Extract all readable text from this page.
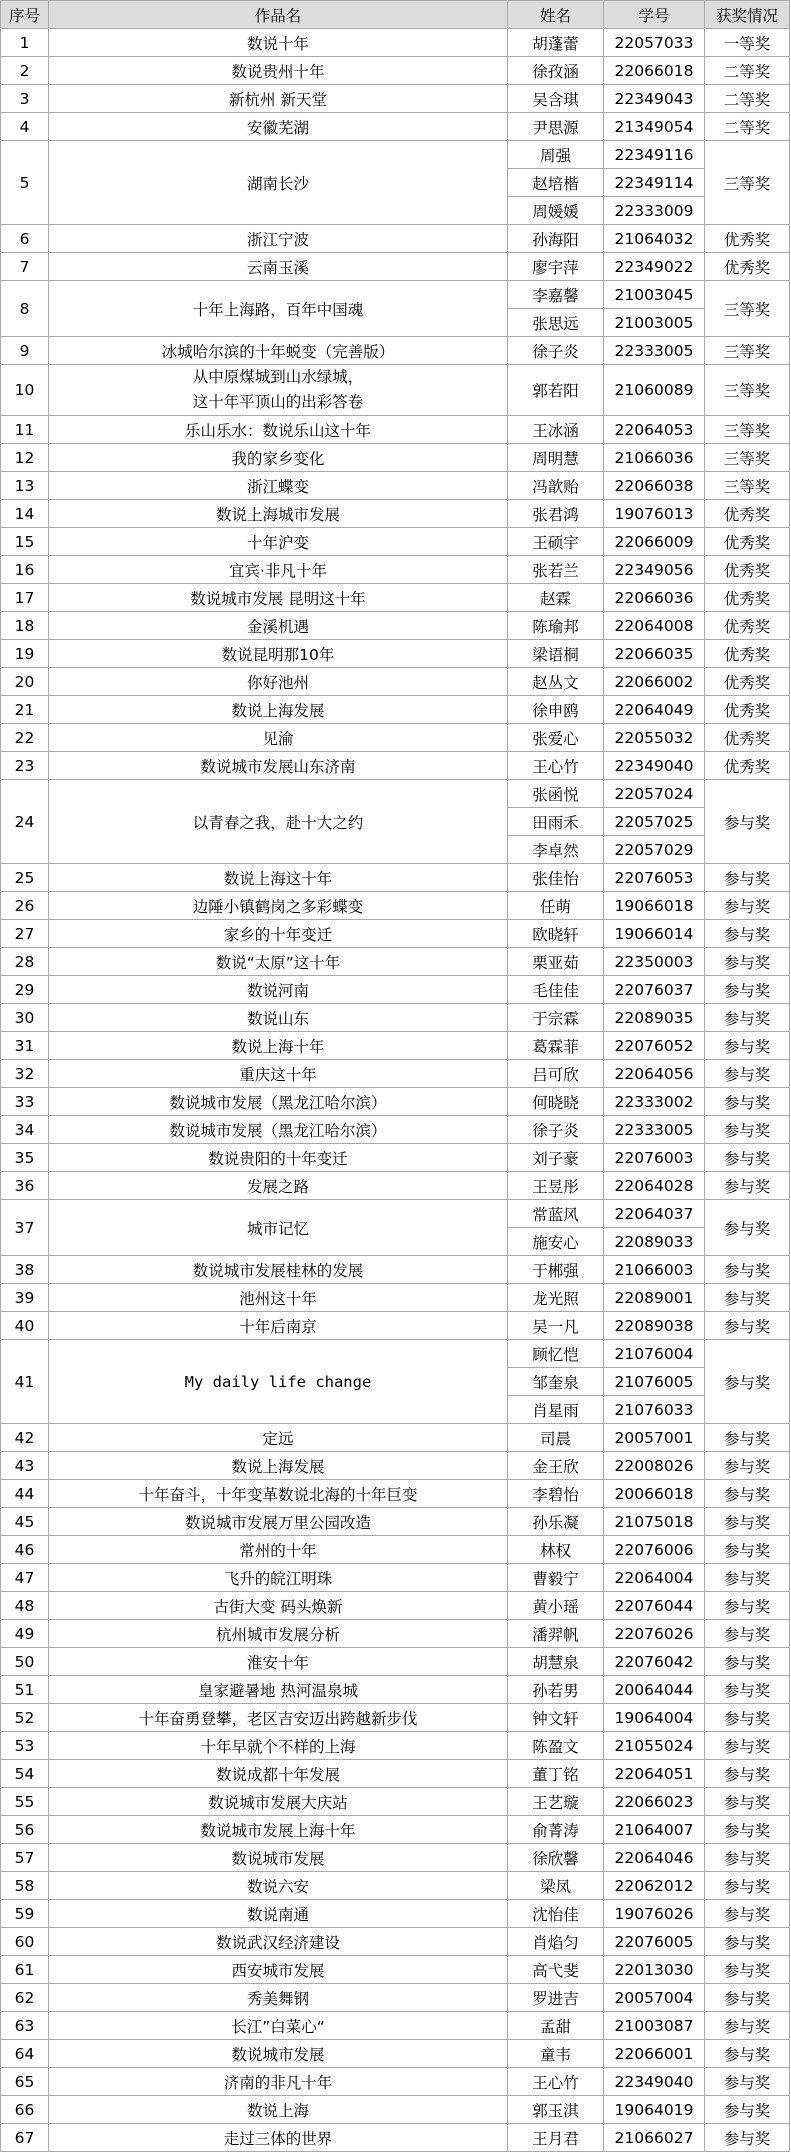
序号	作品名	姓名	学号	获奖情况
1	数说十年	胡蓬蕾	22057033	一等奖
2	数说贵州十年	徐孜涵	22066018	二等奖
3	新杭州 新天堂	吴含琪	22349043	二等奖
4	安徽芜湖	尹思源	21349054	二等奖
5	湖南长沙	周强	22349116	三等奖
		赵培楷	22349114	
		周媛媛	22333009	
6	浙江宁波	孙海阳	21064032	优秀奖
7	云南玉溪	廖宇萍	22349022	优秀奖
8	十年上海路，百年中国魂	李嘉馨	21003045	三等奖
		张思远	21003005	
9	冰城哈尔滨的十年蜕变（完善版）	徐子炎	22333005	三等奖
10	从中原煤城到山水绿城，
这十年平顶山的出彩答卷	郭若阳	21060089	三等奖
11	乐山乐水：数说乐山这十年	王冰涵	22064053	三等奖
12	我的家乡变化	周明慧	21066036	三等奖
13	浙江蝶变	冯歆贻	22066038	三等奖
14	数说上海城市发展	张君鸿	19076013	优秀奖
15	十年沪变	王硕宇	22066009	优秀奖
16	宜宾·非凡十年	张若兰	22349056	优秀奖
17	数说城市发展 昆明这十年	赵霖	22066036	优秀奖
18	金溪机遇	陈瑜邦	22064008	优秀奖
19	数说昆明那10年	梁语桐	22066035	优秀奖
20	你好池州	赵丛文	22066002	优秀奖
21	数说上海发展	徐申鸥	22064049	优秀奖
22	见渝	张爱心	22055032	优秀奖
23	数说城市发展山东济南	王心竹	22349040	优秀奖
24	以青春之我，赴十大之约	张函悦	22057024	参与奖
		田雨禾	22057025	
		李卓然	22057029	
25	数说上海这十年	张佳怡	22076053	参与奖
26	边陲小镇鹤岗之多彩蝶变	任萌	19066018	参与奖
27	家乡的十年变迁	欧晓轩	19066014	参与奖
28	数说“太原”这十年	栗亚茹	22350003	参与奖
29	数说河南	毛佳佳	22076037	参与奖
30	数说山东	于宗霖	22089035	参与奖
31	数说上海十年	葛霖菲	22076052	参与奖
32	重庆这十年	吕可欣	22064056	参与奖
33	数说城市发展（黑龙江哈尔滨）	何晓晓	22333002	参与奖
34	数说城市发展（黑龙江哈尔滨）	徐子炎	22333005	参与奖
35	数说贵阳的十年变迁	刘子豪	22076003	参与奖
36	发展之路	王昱彤	22064028	参与奖
37	城市记忆	常蓝风	22064037	参与奖
		施安心	22089033	
38	数说城市发展桂林的发展	于郴强	21066003	参与奖
39	池州这十年	龙光照	22089001	参与奖
40	十年后南京	吴一凡	22089038	参与奖
41	My daily life change	顾忆恺	21076004	参与奖
		邹奎泉	21076005	
		肖星雨	21076033	
42	定远	司晨	20057001	参与奖
43	数说上海发展	金王欣	22008026	参与奖
44	十年奋斗，十年变革数说北海的十年巨变	李碧怡	20066018	参与奖
45	数说城市发展万里公园改造	孙乐凝	21075018	参与奖
46	常州的十年	林权	22076006	参与奖
47	飞升的皖江明珠	曹毅宁	22064004	参与奖
48	古街大变 码头焕新	黄小瑶	22076044	参与奖
49	杭州城市发展分析	潘羿帆	22076026	参与奖
50	淮安十年	胡慧泉	22076042	参与奖
51	皇家避暑地 热河温泉城	孙若男	20064044	参与奖
52	十年奋勇登攀，老区吉安迈出跨越新步伐	钟文轩	19064004	参与奖
53	十年早就个不样的上海	陈盈文	21055024	参与奖
54	数说成都十年发展	董丁铭	22064051	参与奖
55	数说城市发展大庆站	王艺璇	22066023	参与奖
56	数说城市发展上海十年	俞菁涛	21064007	参与奖
57	数说城市发展	徐欣馨	22064046	参与奖
58	数说六安	梁凤	22062012	参与奖
59	数说南通	沈怡佳	19076026	参与奖
60	数说武汉经济建设	肖焰匀	22076005	参与奖
61	西安城市发展	高弋斐	22013030	参与奖
62	秀美舞钢	罗进吉	20057004	参与奖
63	长江”白菜心“	孟甜	21003087	参与奖
64	数说城市发展	童韦	22066001	参与奖
65	济南的非凡十年	王心竹	22349040	参与奖
66	数说上海	郭玉淇	19064019	参与奖
67	走过三体的世界	王月君	21066027	参与奖
